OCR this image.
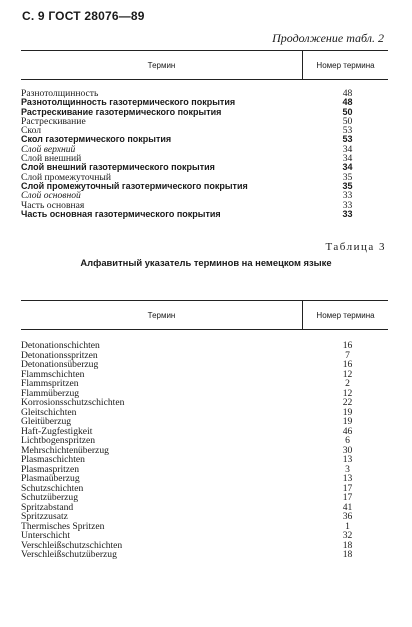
С. 9 ГОСТ 28076—89
Продолжение табл. 2
Термин	Номер термина
Разнотолщинность	48
Разнотолщинность газотермического покрытия	48
Растрескивание газотермического покрытия	50
Растрескивание	50
Скол	53
Скол газотермического покрытия	53
Слой верхний	34
Слой внешний	34
Слой внешний газотермического покрытия	34
Слой промежуточный	35
Слой промежуточный газотермического покрытия	35
Слой основной	33
Часть основная	33
Часть основная газотермического покрытия	33
Таблица 3
Алфавитный указатель терминов на немецком языке
Термин	Номер термина
Detonationschichten	16
Detonationsspritzen	7
Detonationsüberzug	16
Flammschichten	12
Flammspritzen	2
Flammüberzug	12
Korrosionsschutzschichten	22
Gleitschichten	19
Gleitüberzug	19
Haft-Zugfestigkeit	46
Lichtbogenspritzen	6
Mehrschichtenüberzug	30
Plasmaschichten	13
Plasmaspritzen	3
Plasmaüberzug	13
Schutzschichten	17
Schutzüberzug	17
Spritzabstand	41
Spritzzusatz	36
Thermisches Spritzen	1
Unterschicht	32
Verschleißschutzschichten	18
Verschleißschutzüberzug	18
